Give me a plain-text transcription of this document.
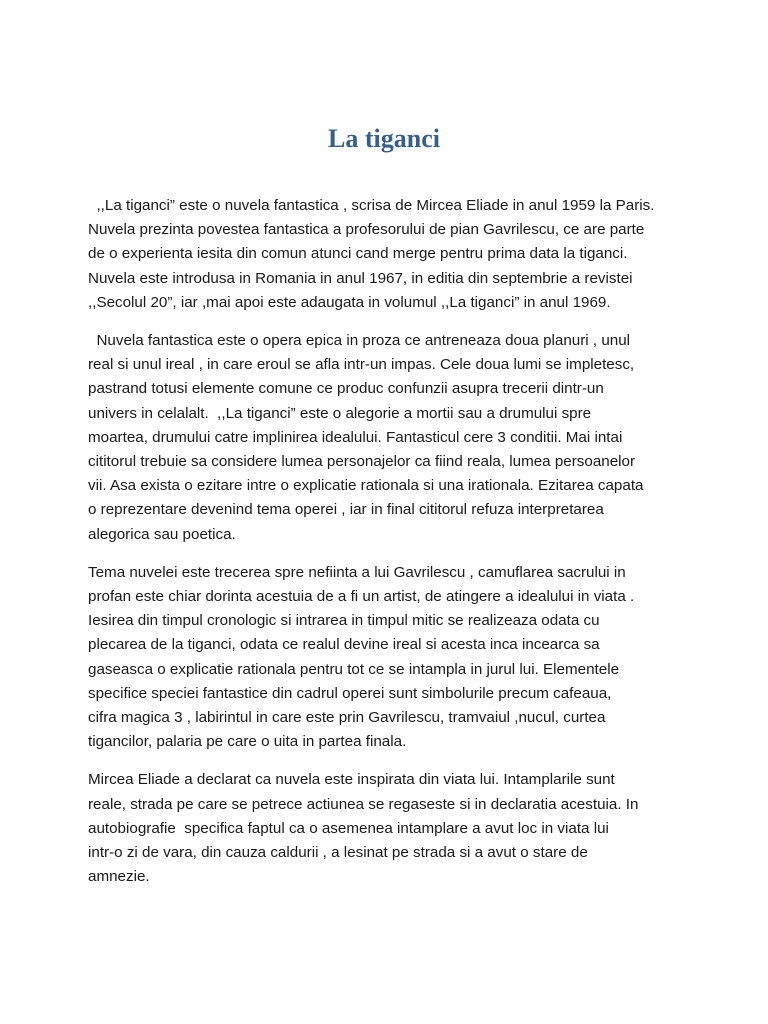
La tiganci

,,La tiganci” este o nuvela fantastica , scrisa de Mircea Eliade in anul 1959 la Paris.
Nuvela prezinta povestea fantastica a profesorului de pian Gavrilescu, ce are parte
de o experienta iesita din comun atunci cand merge pentru prima data la tiganci.
Nuvela este introdusa in Romania in anul 1967, in editia din septembrie a revistei
,,Secolul 20”, iar ,mai apoi este adaugata in volumul ,,La tiganci” in anul 1969.

Nuvela fantastica este o opera epica in proza ce antreneaza doua planuri , unul
real si unul ireal , in care eroul se afla intr-un impas. Cele doua lumi se impletesc,
pastrand totusi elemente comune ce produc confunzii asupra trecerii dintr-un
univers in celalalt.  ,,La tiganci” este o alegorie a mortii sau a drumului spre
moartea, drumului catre implinirea idealului. Fantasticul cere 3 conditii. Mai intai
cititorul trebuie sa considere lumea personajelor ca fiind reala, lumea persoanelor
vii. Asa exista o ezitare intre o explicatie rationala si una irationala. Ezitarea capata
o reprezentare devenind tema operei , iar in final cititorul refuza interpretarea
alegorica sau poetica.

Tema nuvelei este trecerea spre nefiinta a lui Gavrilescu , camuflarea sacrului in
profan este chiar dorinta acestuia de a fi un artist, de atingere a idealului in viata .
Iesirea din timpul cronologic si intrarea in timpul mitic se realizeaza odata cu
plecarea de la tiganci, odata ce realul devine ireal si acesta inca incearca sa
gaseasca o explicatie rationala pentru tot ce se intampla in jurul lui. Elementele
specifice speciei fantastice din cadrul operei sunt simbolurile precum cafeaua,
cifra magica 3 , labirintul in care este prin Gavrilescu, tramvaiul ,nucul, curtea
tigancilor, palaria pe care o uita in partea finala.

Mircea Eliade a declarat ca nuvela este inspirata din viata lui. Intamplarile sunt
reale, strada pe care se petrece actiunea se regaseste si in declaratia acestuia. In
autobiografie  specifica faptul ca o asemenea intamplare a avut loc in viata lui
intr-o zi de vara, din cauza caldurii , a lesinat pe strada si a avut o stare de
amnezie.
